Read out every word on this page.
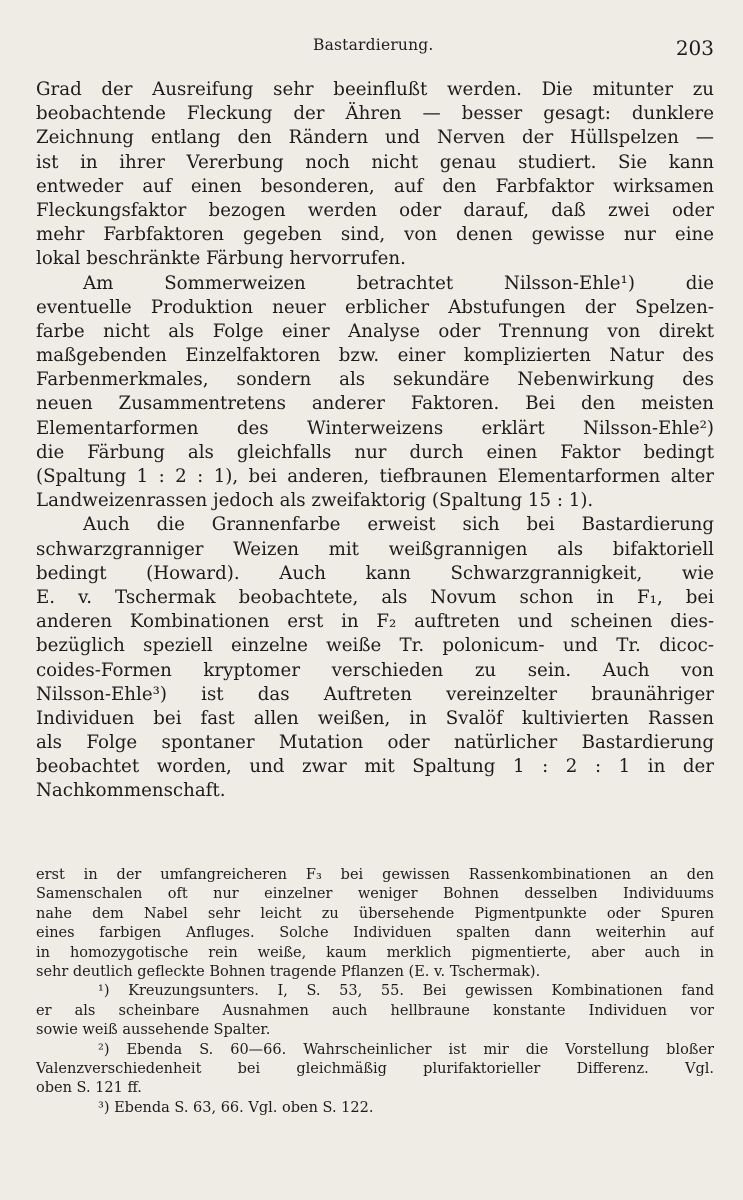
Bastardierung.	203
Grad der Ausreifung sehr beeinflußt werden. Die mitunter zu
beobachtende Fleckung der Ähren — besser gesagt: dunklere
Zeichnung entlang den Rändern und Nerven der Hüllspelzen —
ist in ihrer Vererbung noch nicht genau studiert. Sie kann
entweder auf einen besonderen, auf den Farbfaktor wirksamen
Fleckungsfaktor bezogen werden oder darauf, daß zwei oder
mehr Farbfaktoren gegeben sind, von denen gewisse nur eine
lokal beschränkte Färbung hervorrufen.
Am Sommerweizen betrachtet Nilsson-Ehle¹) die
eventuelle Produktion neuer erblicher Abstufungen der Spelzen-
farbe nicht als Folge einer Analyse oder Trennung von direkt
maßgebenden Einzelfaktoren bzw. einer komplizierten Natur des
Farbenmerkmales, sondern als sekundäre Nebenwirkung des
neuen Zusammentretens anderer Faktoren. Bei den meisten
Elementarformen des Winterweizens erklärt Nilsson-Ehle²)
die Färbung als gleichfalls nur durch einen Faktor bedingt
(Spaltung 1 : 2 : 1), bei anderen, tiefbraunen Elementarformen alter
Landweizenrassen jedoch als zweifaktorig (Spaltung 15 : 1).
Auch die Grannenfarbe erweist sich bei Bastardierung
schwarzgranniger Weizen mit weißgrannigen als bifaktoriell
bedingt (Howard). Auch kann Schwarzgrannigkeit, wie
E. v. Tschermak beobachtete, als Novum schon in F₁, bei
anderen Kombinationen erst in F₂ auftreten und scheinen dies-
bezüglich speziell einzelne weiße Tr. polonicum- und Tr. dicoc-
coides-Formen kryptomer verschieden zu sein. Auch von
Nilsson-Ehle³) ist das Auftreten vereinzelter braunähriger
Individuen bei fast allen weißen, in Svalöf kultivierten Rassen
als Folge spontaner Mutation oder natürlicher Bastardierung
beobachtet worden, und zwar mit Spaltung 1 : 2 : 1 in der
Nachkommenschaft.
erst in der umfangreicheren F₃ bei gewissen Rassenkombinationen an den
Samenschalen oft nur einzelner weniger Bohnen desselben Individuums
nahe dem Nabel sehr leicht zu übersehende Pigmentpunkte oder Spuren
eines farbigen Anfluges. Solche Individuen spalten dann weiterhin auf
in homozygotische rein weiße, kaum merklich pigmentierte, aber auch in
sehr deutlich gefleckte Bohnen tragende Pflanzen (E. v. Tschermak).
¹) Kreuzungsunters. I, S. 53, 55. Bei gewissen Kombinationen fand
er als scheinbare Ausnahmen auch hellbraune konstante Individuen vor
sowie weiß aussehende Spalter.
²) Ebenda S. 60—66. Wahrscheinlicher ist mir die Vorstellung bloßer
Valenzverschiedenheit bei gleichmäßig plurifaktorieller Differenz. Vgl.
oben S. 121 ff.
³) Ebenda S. 63, 66. Vgl. oben S. 122.
